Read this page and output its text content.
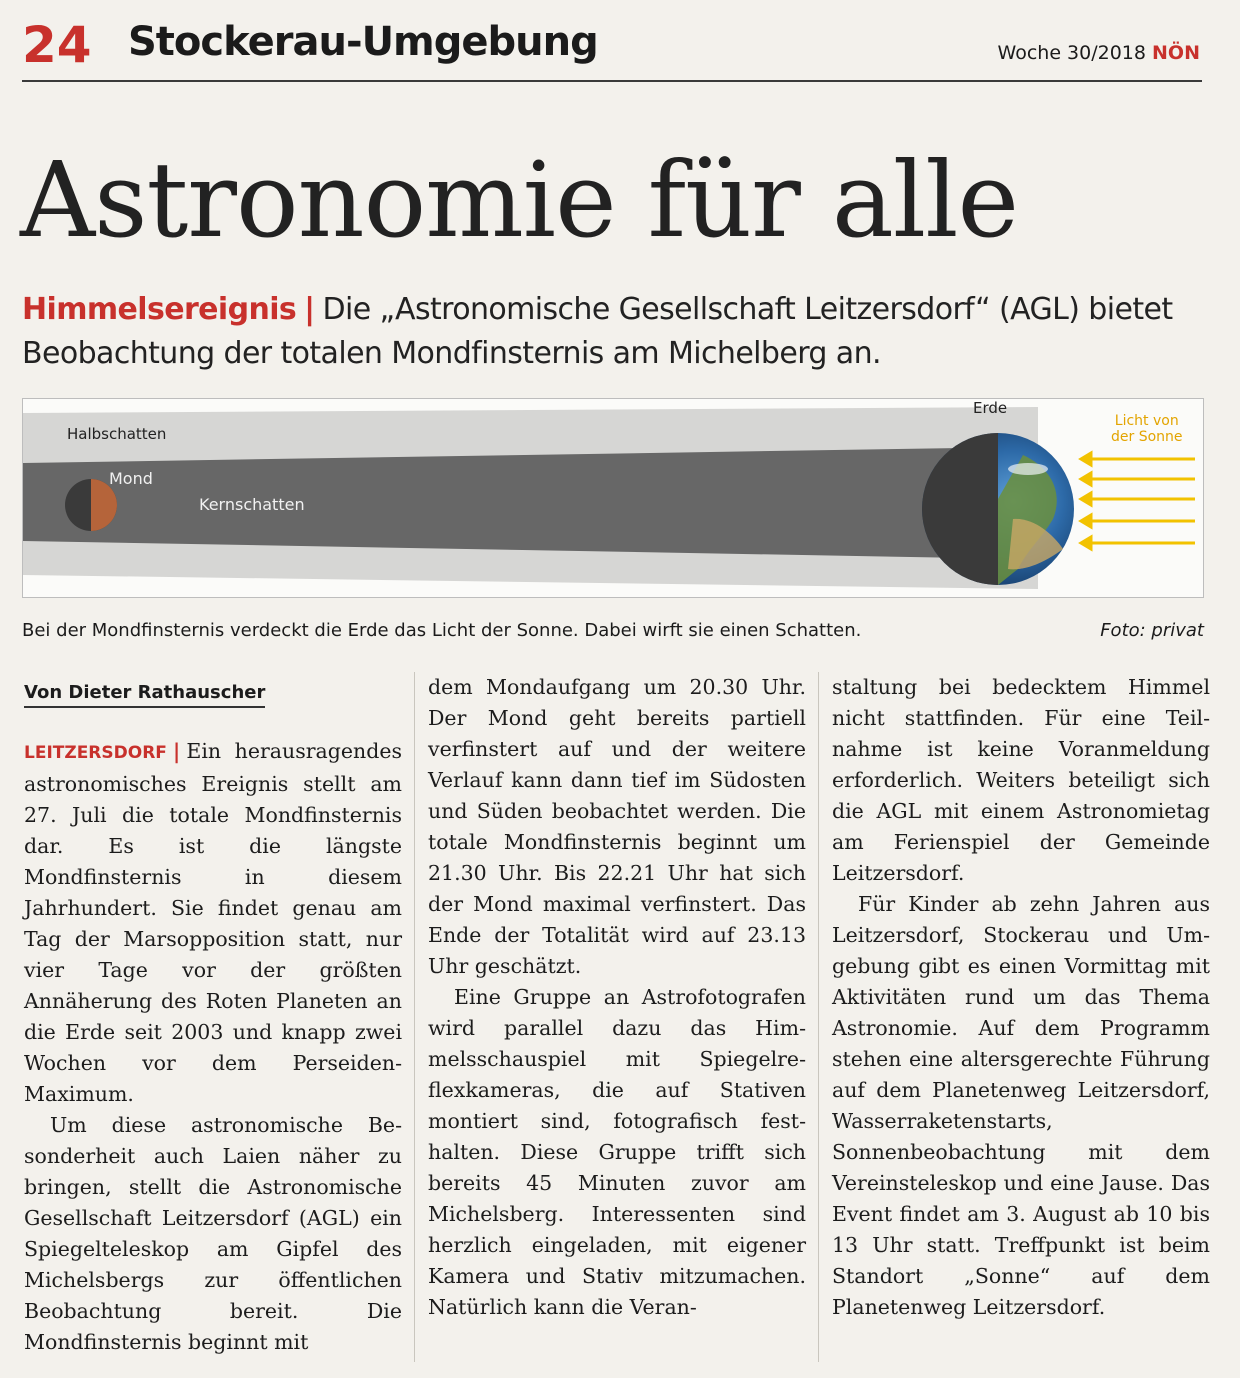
24 Stockerau-Umgebung	Woche 30/2018 NÖN
Astronomie für alle
Himmelsereignis | Die „Astronomische Gesellschaft Leitzersdorf“ (AGL) bietet Beobachtung der totalen Mondfinsternis am Michelberg an.
Halbschatten
Mond
Kernschatten
Erde
Licht von
der Sonne
Bei der Mondfinsternis verdeckt die Erde das Licht der Sonne. Dabei wirft sie einen Schatten.	Foto: privat
Von Dieter Rathauscher

LEITZERSDORF | Ein herausragendes astronomisches Ereignis stellt am 27. Juli die totale Mondfinsternis dar. Es ist die längste Mondfinsternis in diesem Jahrhundert. Sie findet genau am Tag der Marsopposition statt, nur vier Tage vor der größten Annäherung des Roten Planeten an die Erde seit 2003 und knapp zwei Wochen vor dem Perseiden-Maximum.

Um diese astronomische Besonderheit auch Laien näher zu bringen, stellt die Astronomische Gesellschaft Leitzersdorf (AGL) ein Spiegelteleskop am Gipfel des Michelsbergs zur öffentlichen Beobachtung bereit. Die Mondfinsternis beginnt mit

dem Mondaufgang um 20.30 Uhr. Der Mond geht bereits partiell verfinstert auf und der weitere Verlauf kann dann tief im Südosten und Süden beobachtet werden. Die totale Mondfinsternis beginnt um 21.30 Uhr. Bis 22.21 Uhr hat sich der Mond maximal verfinstert. Das Ende der Totalität wird auf 23.13 Uhr geschätzt.

Eine Gruppe an Astrofotografen wird parallel dazu das Himmelsschauspiel mit Spiegelreflexkameras, die auf Stativen montiert sind, fotografisch festhalten. Diese Gruppe trifft sich bereits 45 Minuten zuvor am Michelsberg. Interessenten sind herzlich eingeladen, mit eigener Kamera und Stativ mitzumachen. Natürlich kann die Veran-

staltung bei bedecktem Himmel nicht stattfinden. Für eine Teilnahme ist keine Voranmeldung erforderlich. Weiters beteiligt sich die AGL mit einem Astronomietag am Ferienspiel der Gemeinde Leitzersdorf.

Für Kinder ab zehn Jahren aus Leitzersdorf, Stockerau und Umgebung gibt es einen Vormittag mit Aktivitäten rund um das Thema Astronomie. Auf dem Programm stehen eine altersgerechte Führung auf dem Planetenweg Leitzersdorf, Wasserraketenstarts, Sonnenbeobachtung mit dem Vereinsteleskop und eine Jause. Das Event findet am 3. August ab 10 bis 13 Uhr statt. Treffpunkt ist beim Standort „Sonne“ auf dem Planetenweg Leitzersdorf.
